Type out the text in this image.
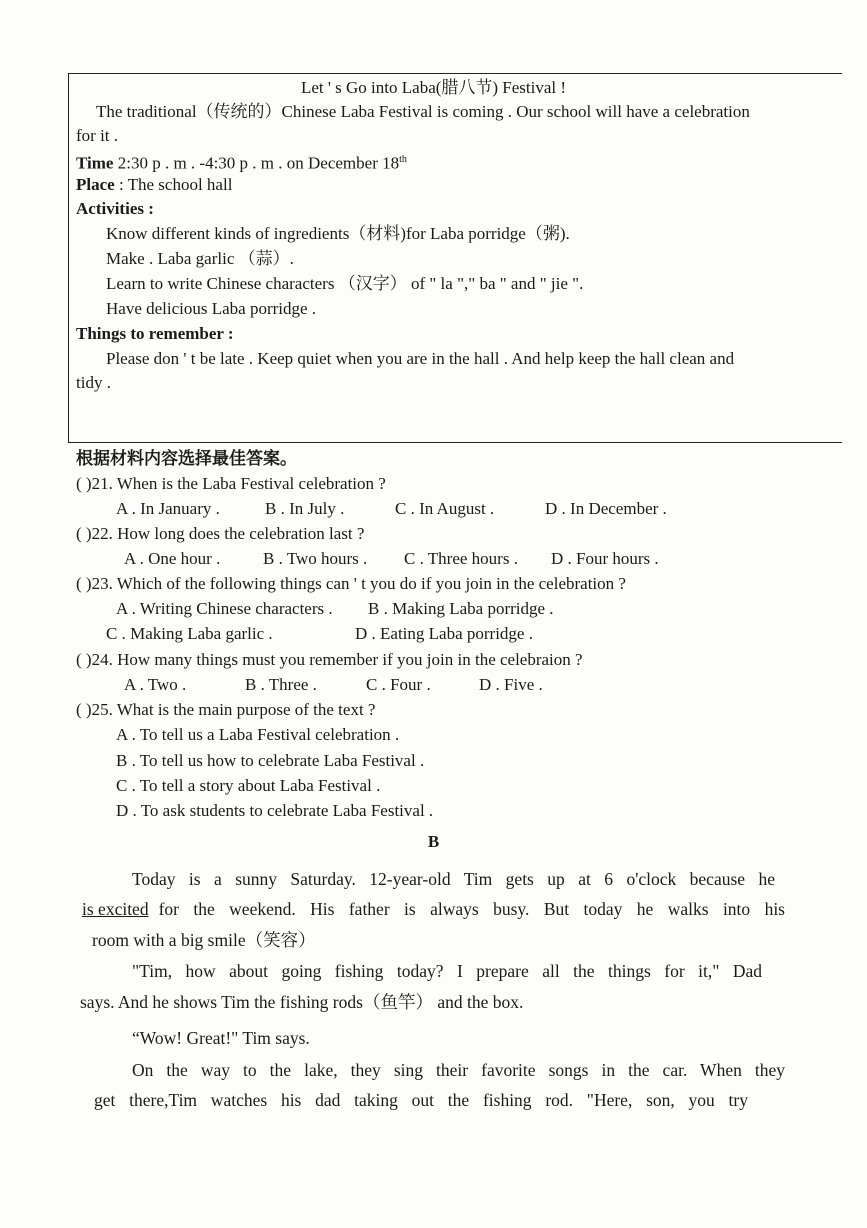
Let ' s Go into Laba(腊八节) Festival !
The traditional（传统的）Chinese Laba Festival is coming . Our school will have a celebration
for it .
Time 2:30 p . m . -4:30 p . m . on December 18th
Place : The school hall
Activities :
Know different kinds of ingredients（材料)for Laba porridge（粥).
Make . Laba garlic （蒜）.
Learn to write Chinese characters （汉字） of " la "," ba " and " jie ".
Have delicious Laba porridge .
Things to remember :
Please don ' t be late . Keep quiet when you are in the hall . And help keep the hall clean and
tidy .
根据材料内容选择最佳答案。
( )21. When is the Laba Festival celebration ?
A . In January .	B . In July .	C . In August .	D . In December .
( )22. How long does the celebration last ?
A . One hour .	B . Two hours . C . Three hours . D . Four hours .
( )23. Which of the following things can ' t you do if you join in the celebration ?
A . Writing Chinese characters . B . Making Laba porridge .
C . Making Laba garlic .	D . Eating Laba porridge .
( )24. How many things must you remember if you join in the celebraion ?
A . Two .	B . Three .	C . Four .	D . Five .
( )25. What is the main purpose of the text ?
A . To tell us a Laba Festival celebration .
B . To tell us how to celebrate Laba Festival .
C . To tell a story about Laba Festival .
D . To ask students to celebrate Laba Festival .
B
Today is a sunny Saturday. 12-year-old Tim gets up at 6 o'clock because he
is excited for the weekend. His father is always busy. But today he walks into his
room with a big smile（笑容）
"Tim, how about going fishing today? I prepare all the things for it," Dad
says. And he shows Tim the fishing rods（鱼竿） and the box.
“Wow! Great!" Tim says.
On the way to the lake, they sing their favorite songs in the car. When they
get there,Tim watches his dad taking out the fishing rod. "Here, son, you try
